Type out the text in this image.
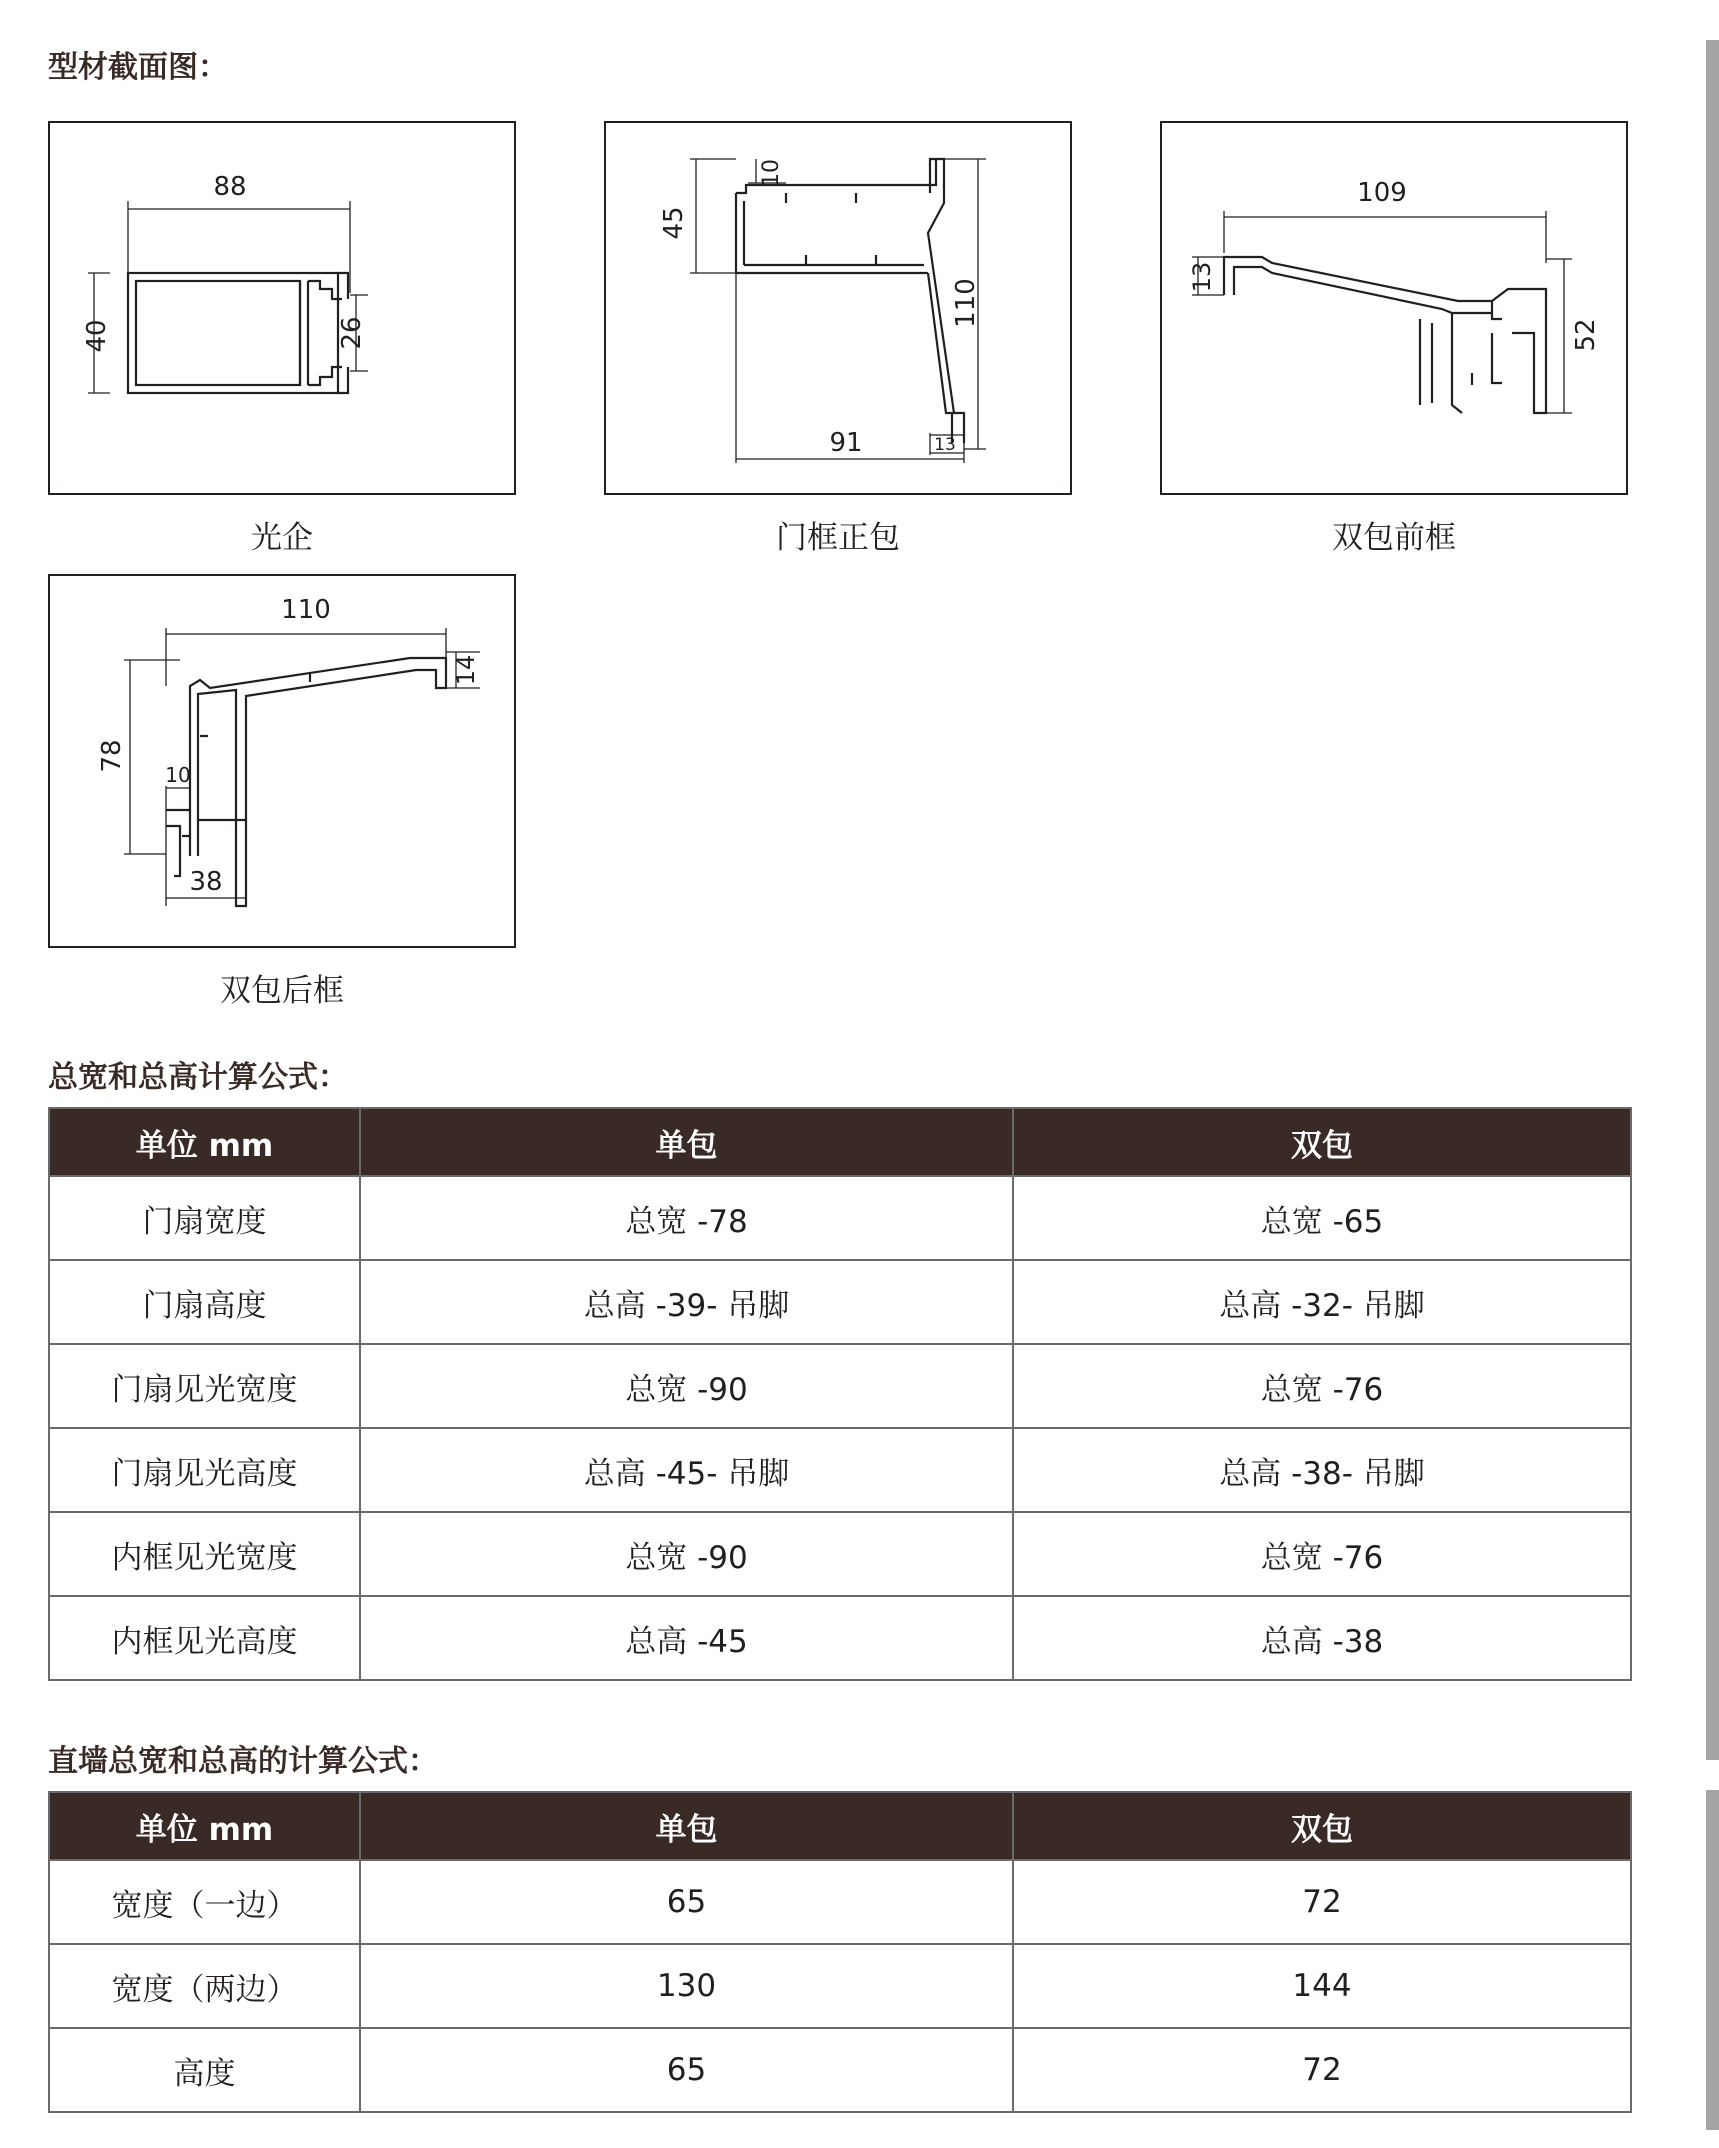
型材截面图：
88
40	26
光企
45
10
110
91	13
门框正包
109
13
52
双包前框
110
14
78
10
38
双包后框
总宽和总高计算公式：
单位 mm	单包	双包
门扇宽度	总宽 -78	总宽 -65
门扇高度	总高 -39- 吊脚	总高 -32- 吊脚
门扇见光宽度	总宽 -90	总宽 -76
门扇见光高度	总高 -45- 吊脚	总高 -38- 吊脚
内框见光宽度	总宽 -90	总宽 -76
内框见光高度	总高 -45	总高 -38
直墙总宽和总高的计算公式：
单位 mm	单包	双包
宽度（一边）	65	72
宽度（两边）	130	144
高度	65	72
